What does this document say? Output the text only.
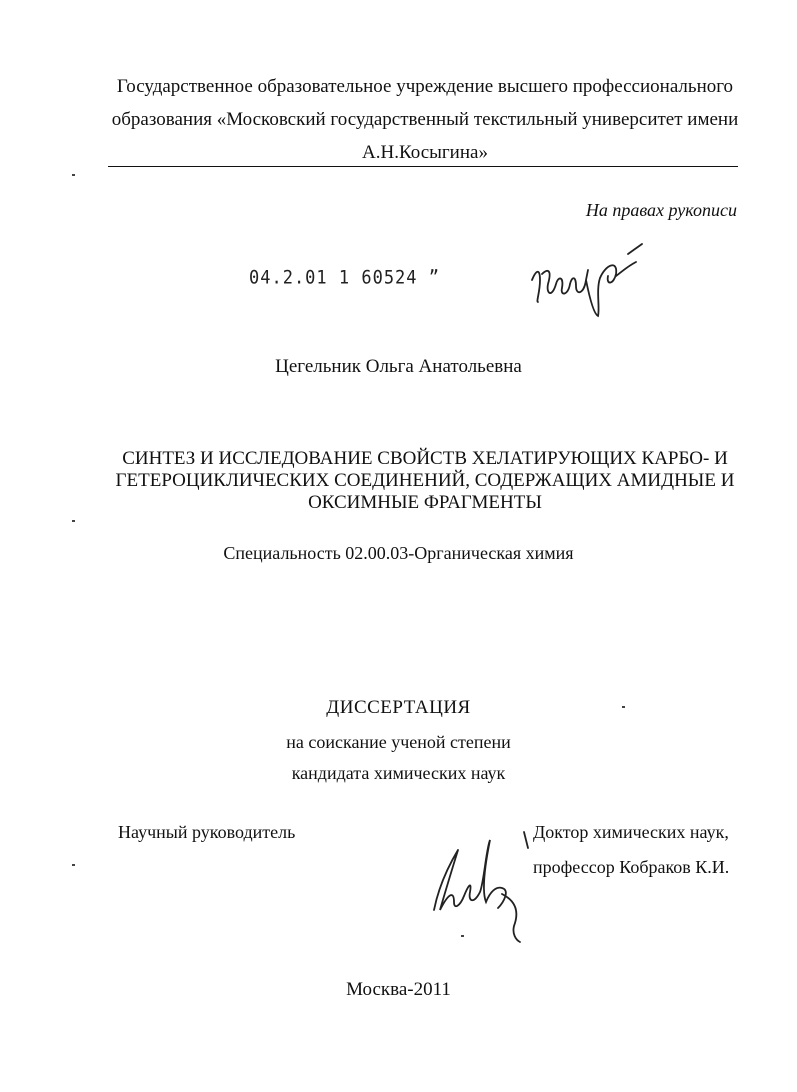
Государственное образовательное учреждение высшего профессионального
образования «Московский государственный текстильный университет имени
А.Н.Косыгина»
На правах рукописи
04.2.01 1 60524 ˮ
Цегельник Ольга Анатольевна
СИНТЕЗ И ИССЛЕДОВАНИЕ СВОЙСТВ ХЕЛАТИРУЮЩИХ КАРБО- И ГЕТЕРОЦИКЛИЧЕСКИХ СОЕДИНЕНИЙ, СОДЕРЖАЩИХ АМИДНЫЕ И ОКСИМНЫЕ ФРАГМЕНТЫ
Специальность 02.00.03-Органическая химия
ДИССЕРТАЦИЯ
на соискание ученой степени
кандидата химических наук
Научный руководитель	Доктор химических наук,
профессор Кобраков К.И.
Москва-2011
